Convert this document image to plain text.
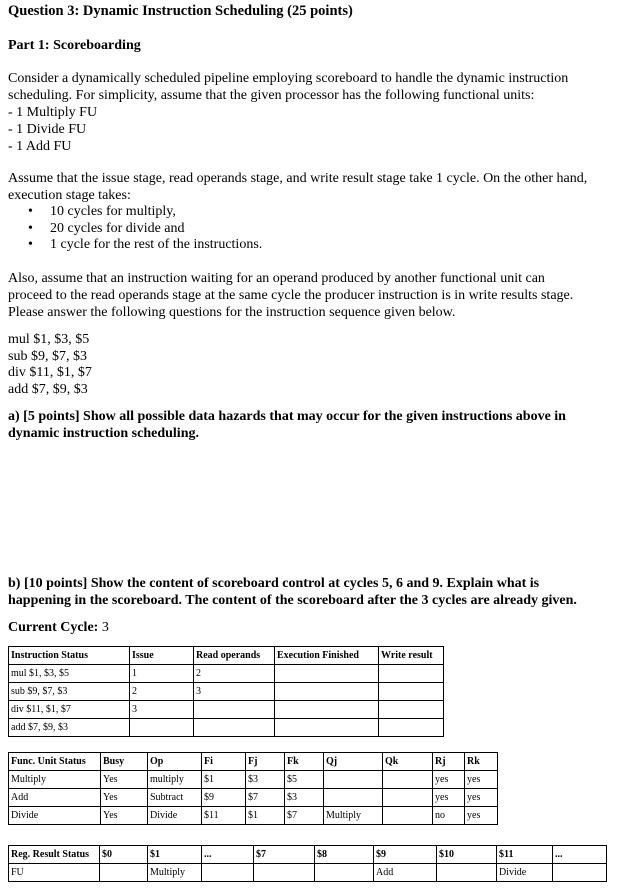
Question 3: Dynamic Instruction Scheduling (25 points)
Part 1: Scoreboarding
Consider a dynamically scheduled pipeline employing scoreboard to handle the dynamic instruction
scheduling. For simplicity, assume that the given processor has the following functional units:
- 1 Multiply FU
- 1 Divide FU
- 1 Add FU
Assume that the issue stage, read operands stage, and write result stage take 1 cycle. On the other hand,
execution stage takes:
• 10 cycles for multiply,
• 20 cycles for divide and
• 1 cycle for the rest of the instructions.
Also, assume that an instruction waiting for an operand produced by another functional unit can
proceed to the read operands stage at the same cycle the producer instruction is in write results stage.
Please answer the following questions for the instruction sequence given below.
mul $1, $3, $5
sub $9, $7, $3
div $11, $1, $7
add $7, $9, $3
a) [5 points] Show all possible data hazards that may occur for the given instructions above in
dynamic instruction scheduling.
b) [10 points] Show the content of scoreboard control at cycles 5, 6 and 9. Explain what is
happening in the scoreboard. The content of the scoreboard after the 3 cycles are already given.
Current Cycle: 3
Instruction Status	Issue	Read operands	Execution Finished	Write result
mul $1, $3, $5	1	2		
sub $9, $7, $3	2	3		
div $11, $1, $7	3			
add $7, $9, $3				
Func. Unit Status	Busy	Op	Fi	Fj	Fk	Qj	Qk	Rj	Rk
Multiply	Yes	multiply	$1	$3	$5			yes	yes
Add	Yes	Subtract	$9	$7	$3			yes	yes
Divide	Yes	Divide	$11	$1	$7	Multiply		no	yes
Reg. Result Status	$0	$1	...	$7	$8	$9	$10	$11	...
FU		Multiply				Add		Divide	
